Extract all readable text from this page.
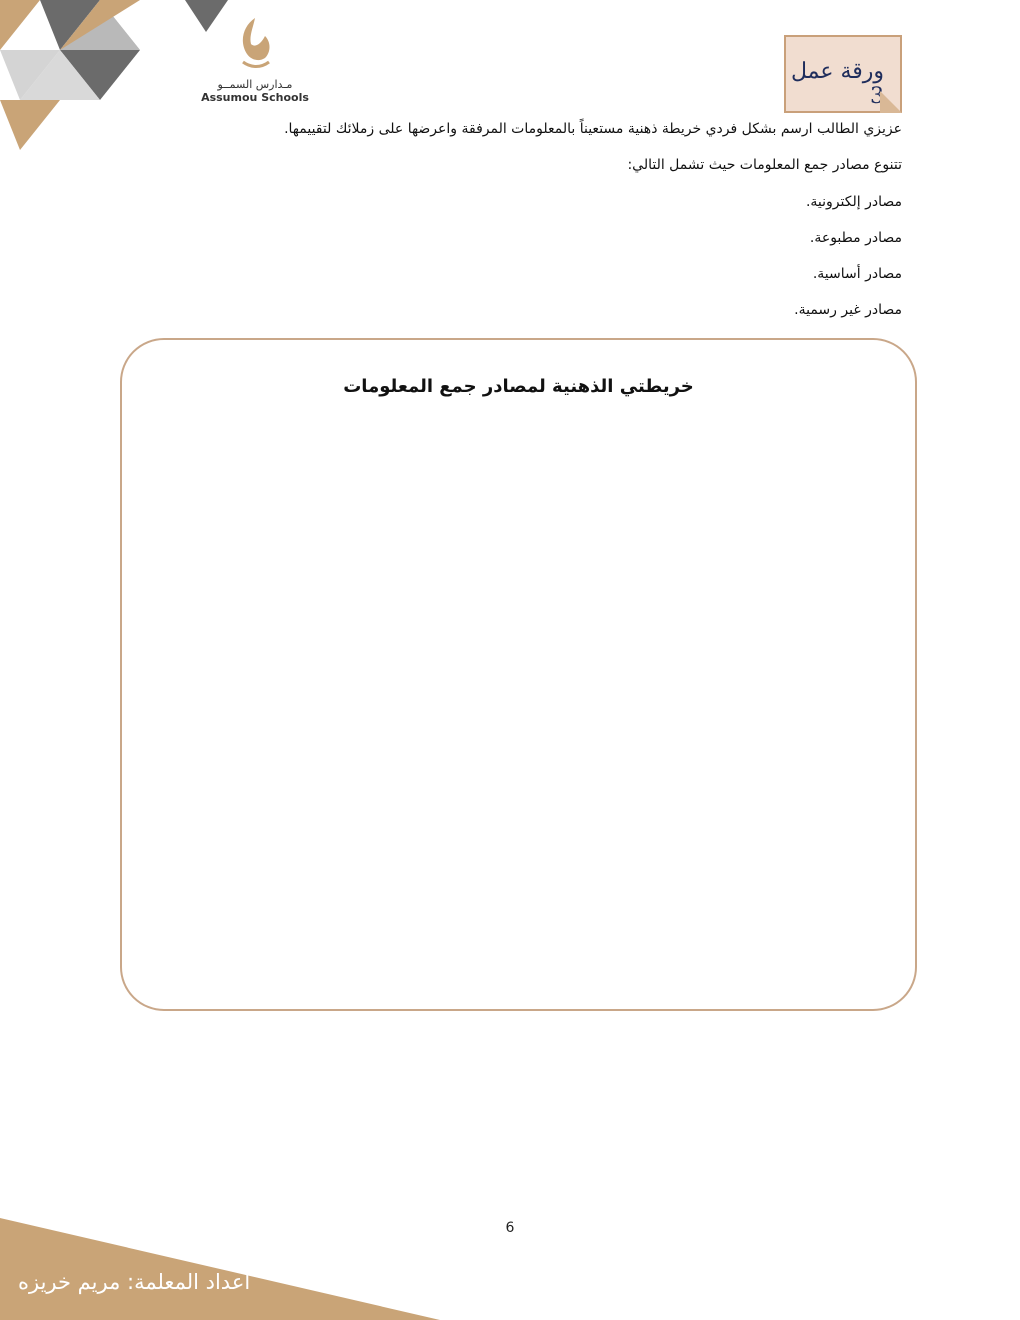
مـدارس السمــو
Assumou Schools
ورقة عمل 3
عزيزي الطالب ارسم بشكل فردي خريطة ذهنية مستعيناً بالمعلومات المرفقة واعرضها على زملائك لتقييمها.
تتنوع مصادر جمع المعلومات حيث تشمل التالي:
مصادر إلكترونية.
مصادر مطبوعة.
مصادر أساسية.
مصادر غير رسمية.
خريطتي الذهنية لمصادر جمع المعلومات
6
أعداد المعلمة: مريم خريزه
